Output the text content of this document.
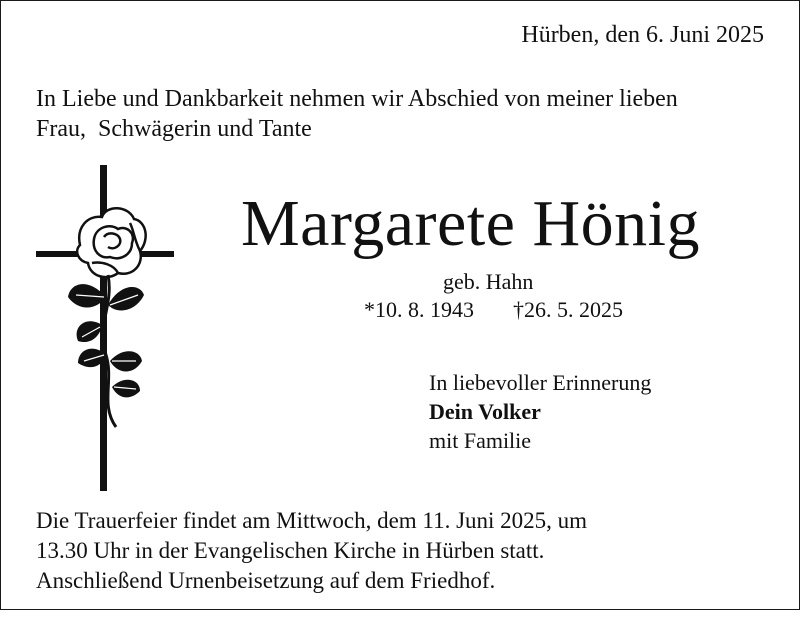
Hürben, den 6. Juni 2025
In Liebe und Dankbarkeit nehmen wir Abschied von meiner lieben
Frau,  Schwägerin und Tante
Margarete Hönig
geb. Hahn
*10. 8. 1943 †26. 5. 2025
In liebevoller Erinnerung
Dein Volker
mit Familie
Die Trauerfeier findet am Mittwoch, dem 11. Juni 2025, um
13.30 Uhr in der Evangelischen Kirche in Hürben statt.
Anschließend Urnenbeisetzung auf dem Friedhof.
